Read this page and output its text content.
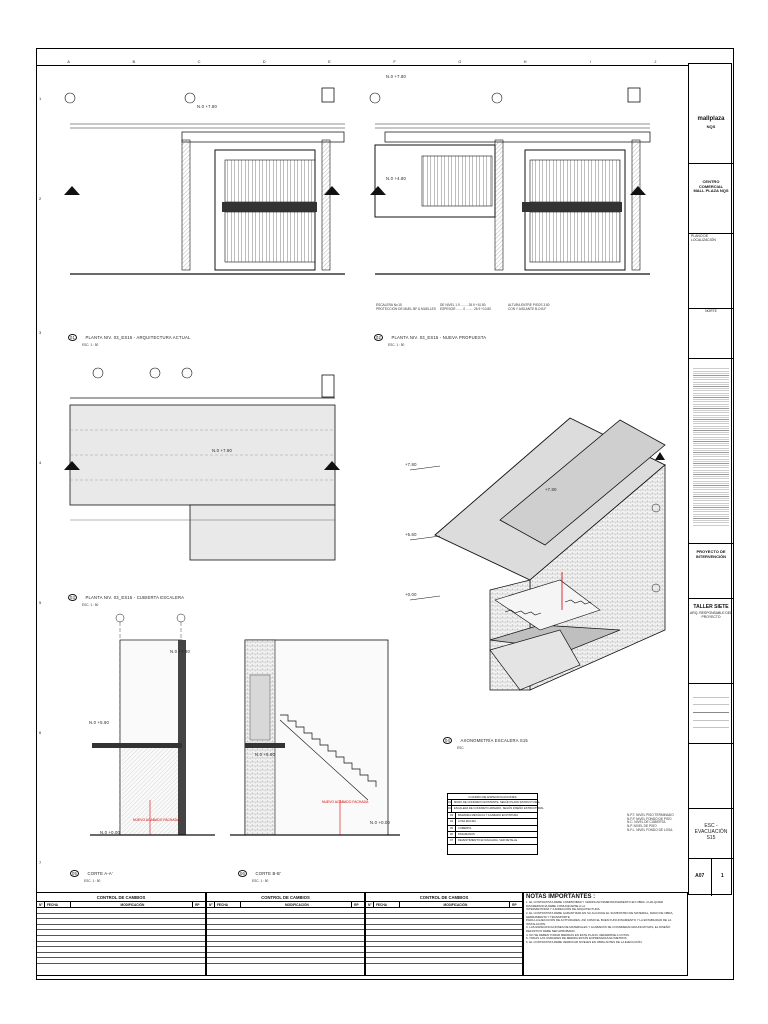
A	B	C	D	E	F	G	H	I	J
1
2
3
4
5
6
7
N.0 +7.80
N.0 +7.80
N.0 +4.80
N.0 +7.80
N.0 +7.80
N.0 +5.60
N.0 +0.00
N.0 +5.60
N.0 +0.00
+7.80
+7.80
+5.60
+0.00
ESCALERA Nv.15
PROTECCION DE MUEL BF & MUELLES
DE NIVEL 1.9 ........ 26.9 +10.80
ESPESOR ....... 0 ........ 26.9 +10.80
ALTURA ENTRE PISOS 3.80
CON Y AISLANTE B.O.B.F
NUEVO ACABADO FACHADA
NUEVO ACABADO FACHADA
01 PLANTA NIV. 03_ES15 - ARQUITECTURA ACTUAL
ESC. 1 : 50
02 PLANTA NIV. 03_ES15 - NUEVA PROPUESTA
ESC. 1 : 50
03 PLANTA NIV. 03_ES15 - CUBIERTA ESCALERA
ESC. 1 : 50
04 AXONOMETRÍA ESCALERA S15
ESC.
05 CORTE A-A'
ESC. 1 : 50
06 CORTE B-B'
ESC. 1 : 50
CUADRO DE ESPECIFICACIONES
01	MURO DE CONCRETO EXISTENTE, SEGÚN PLANO ESTRUCTURAL
02	ESCALERA DE CONCRETO ARMADO, SEGÚN DISEÑO ESTRUCTURAL
03	BARANDA METÁLICA Y ACABADO EN PINTURA
04	LOSA MACIZA
05	CUBIERTA
06	PASAMANOS
07	REVESTIMIENTO EN FACHADA, VER DETALLE
N.P.T. NIVEL PISO TERMINADO
N.F.P. NIVEL FONDO DE PISO
N.C. NIVEL DE CUBIERTA
N.P. NIVEL DE PISO
N.F.L. NIVEL FONDO DE LOSA
CONTROL DE CAMBIOS
N°	FECHA	MODIFICACIÓN	RP
CONTROL DE CAMBIOS
N°	FECHA	MODIFICACIÓN	RP
CONTROL DE CAMBIOS
N°	FECHA	MODIFICACIÓN	RP
NOTAS IMPORTANTES :
1. EL CONTRATISTA DEBE COMPROBAR Y VERIFICAR DIMENSIONAMIENTO EN OBRA. CUALQUIER DISCREPANCIA DEBE COMUNICARSE A LA
INTERVENTORÍA Y A DIRECCIÓN DE ARQUITECTURA.
2. EL CONTRATISTA DEBE GARANTIZAR EN SU ALCANCE EL SUMINISTRO DE MATERIAL, MANO DE OBRA, HERRAMIENTA Y TRANSPORTE
PARA LA EJECUCIÓN DE ACTIVIDADES, ASÍ COMO EL BUEN FUNCIONAMIENTO Y LA ESTABILIDAD DE LA INSTALACIÓN.
3. LAS ESPECIFICACIONES DE MATERIALES Y ACABADOS SE CONSIDERAN ENUNCIATIVAS, EL DISEÑO DEFINITIVO DEBE SER APROBADO.
4. NO SE DEBEN TOMAR MEDIDAS EN ESTE PLANO, REFERIRSE A COTAS.
5. TODAS LAS UNIDADES DE MEDIDA ESTÁN EXPRESADAS EN METROS.
6. EL CONTRATISTA DEBE VERIFICAR NIVELES EN OBRA ANTES DE LA EJECUCIÓN.
mallplaza
NQS
CENTRO COMERCIAL MALL PLAZA NQS
PLANO DE LOCALIZACIÓN
NORTE
PROYECTO DE INTERVENCIÓN
TALLER SIETE
ARQ. RESPONSABLE DEL PROYECTO
ESC - EVACUACIÓN S15
A07	1
